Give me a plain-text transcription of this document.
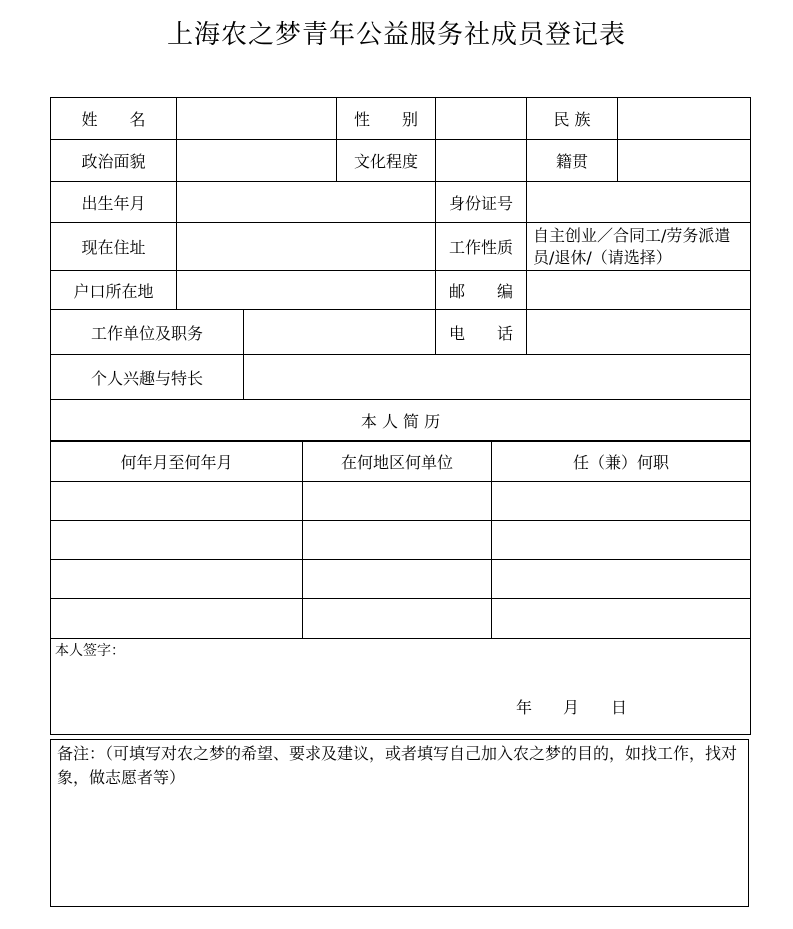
上海农之梦青年公益服务社成员登记表
姓　　名			性　　别		民 族	
政治面貌			文化程度		籍贯	
出生年月				身份证号		
现在住址				工作性质	自主创业／合同工/劳务派遣员/退休/（请选择）	
户口所在地				邮　　编		
工作单位及职务				电　　话		
个人兴趣与特长						
本 人 简 历						
何年月至何年月	在何地区何单位	任（兼）何职

本人签字：
年 月 日		

备注：（可填写对农之梦的希望、要求及建议，或者填写自己加入农之梦的目的，如找工作，找对象，做志愿者等）
